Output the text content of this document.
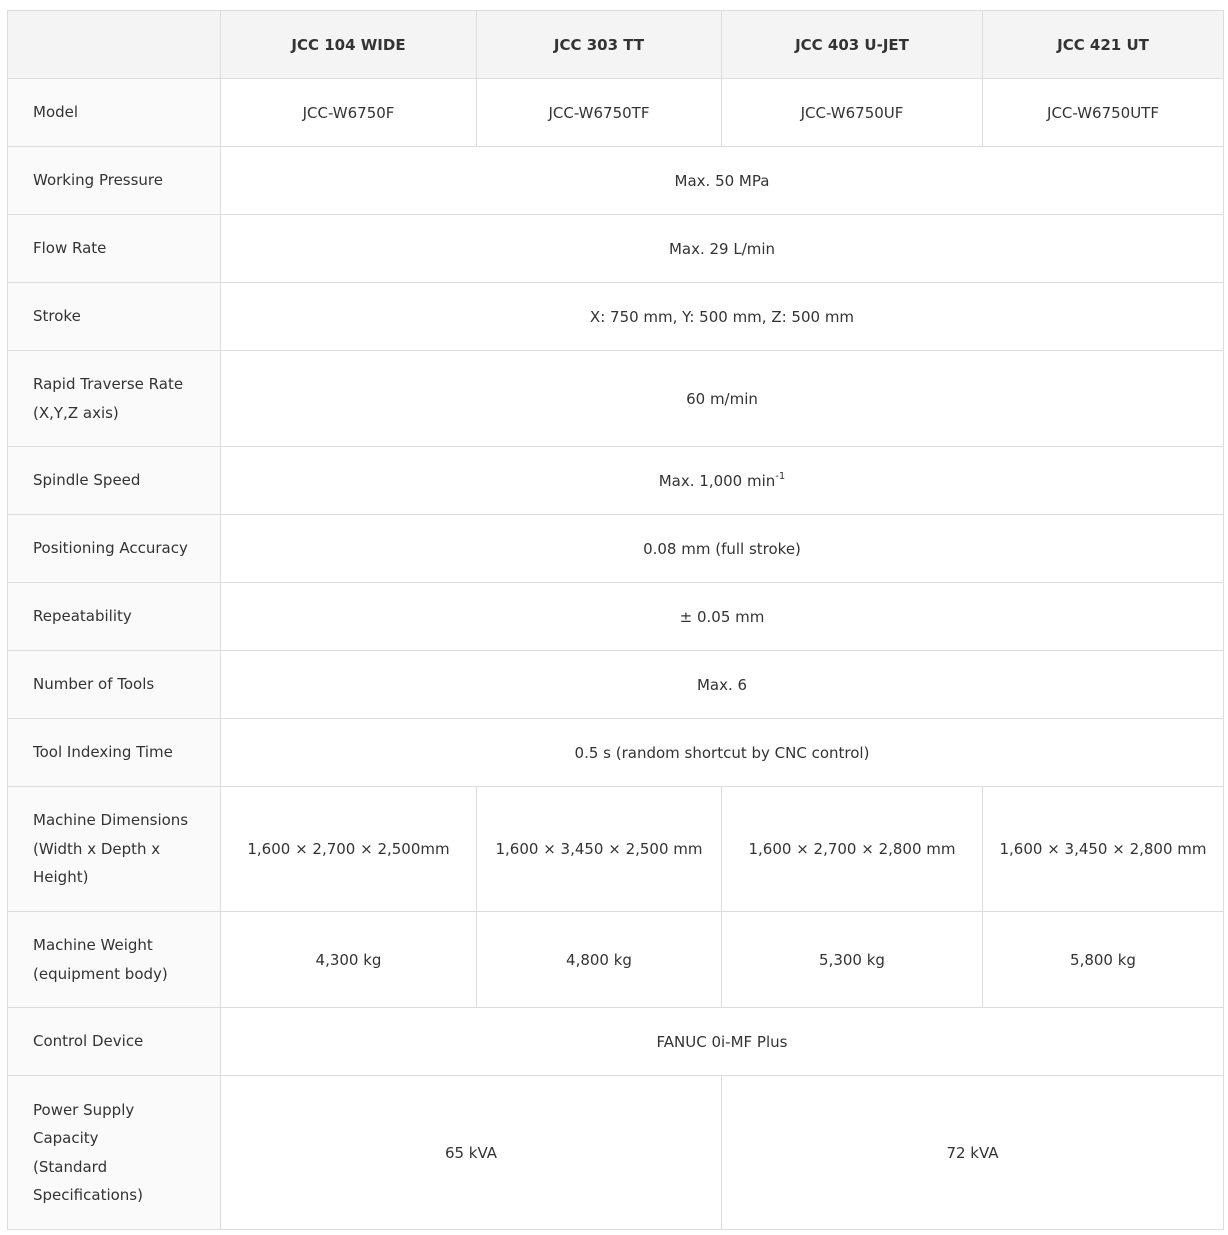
	JCC 104 WIDE	JCC 303 TT	JCC 403 U-JET	JCC 421 UT
Model	JCC-W6750F	JCC-W6750TF	JCC-W6750UF	JCC-W6750UTF
Working Pressure	Max. 50 MPa			
Flow Rate	Max. 29 L/min			
Stroke	X: 750 mm, Y: 500 mm, Z: 500 mm			
Rapid Traverse Rate
(X,Y,Z axis)	60 m/min			
Spindle Speed	Max. 1,000 $\min^{-1}$
Positioning Accuracy	0.08 mm (full stroke)			
Repeatability	± 0.05 mm			
Number of Tools	Max. 6			
Tool Indexing Time	0.5 s (random shortcut by CNC control)			
Machine Dimensions
(Width x Depth x
Height)	1,600 × 2,700 × 2,500mm	1,600 × 3,450 × 2,500 mm	1,600 × 2,700 × 2,800 mm	1,600 × 3,450 × 2,800 mm
Machine Weight
(equipment body)	4,300 kg	4,800 kg	5,300 kg	5,800 kg
Control Device	FANUC 0i-MF Plus			
Power Supply
Capacity
(Standard
Specifications)	65 kVA		72 kVA	
